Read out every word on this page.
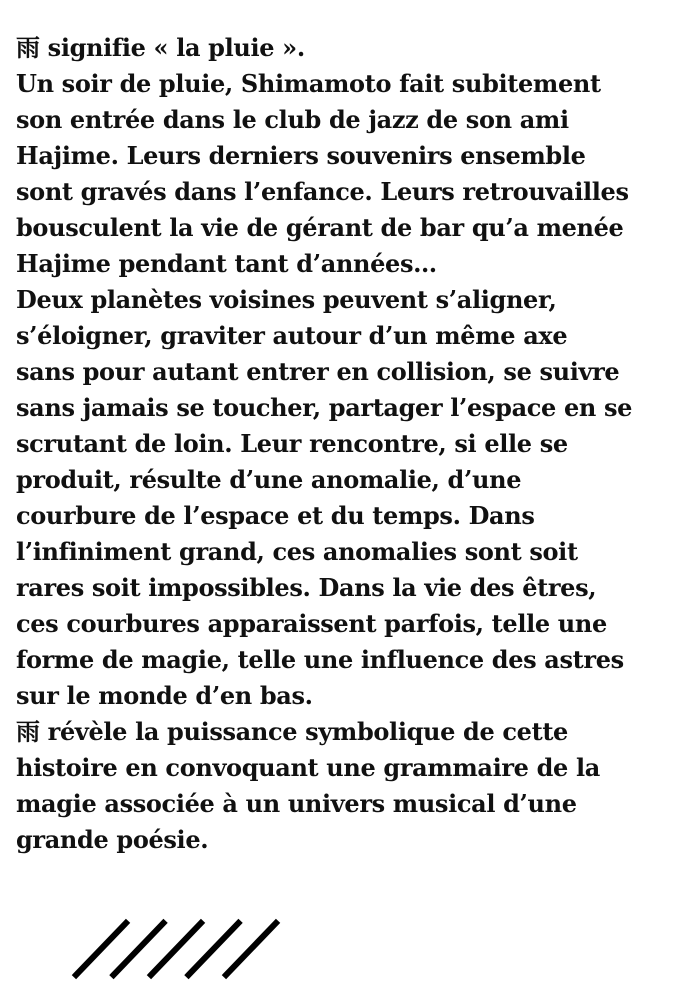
雨 signifie « la pluie ».
Un soir de pluie, Shimamoto fait subitement
son entrée dans le club de jazz de son ami
Hajime. Leurs derniers souvenirs ensemble
sont gravés dans l’enfance. Leurs retrouvailles
bousculent la vie de gérant de bar qu’a menée
Hajime pendant tant d’années…
Deux planètes voisines peuvent s’aligner,
s’éloigner, graviter autour d’un même axe
sans pour autant entrer en collision, se suivre
sans jamais se toucher, partager l’espace en se
scrutant de loin. Leur rencontre, si elle se
produit, résulte d’une anomalie, d’une
courbure de l’espace et du temps. Dans
l’infiniment grand, ces anomalies sont soit
rares soit impossibles. Dans la vie des êtres,
ces courbures apparaissent parfois, telle une
forme de magie, telle une influence des astres
sur le monde d’en bas.
雨 révèle la puissance symbolique de cette
histoire en convoquant une grammaire de la
magie associée à un univers musical d’une
grande poésie.
